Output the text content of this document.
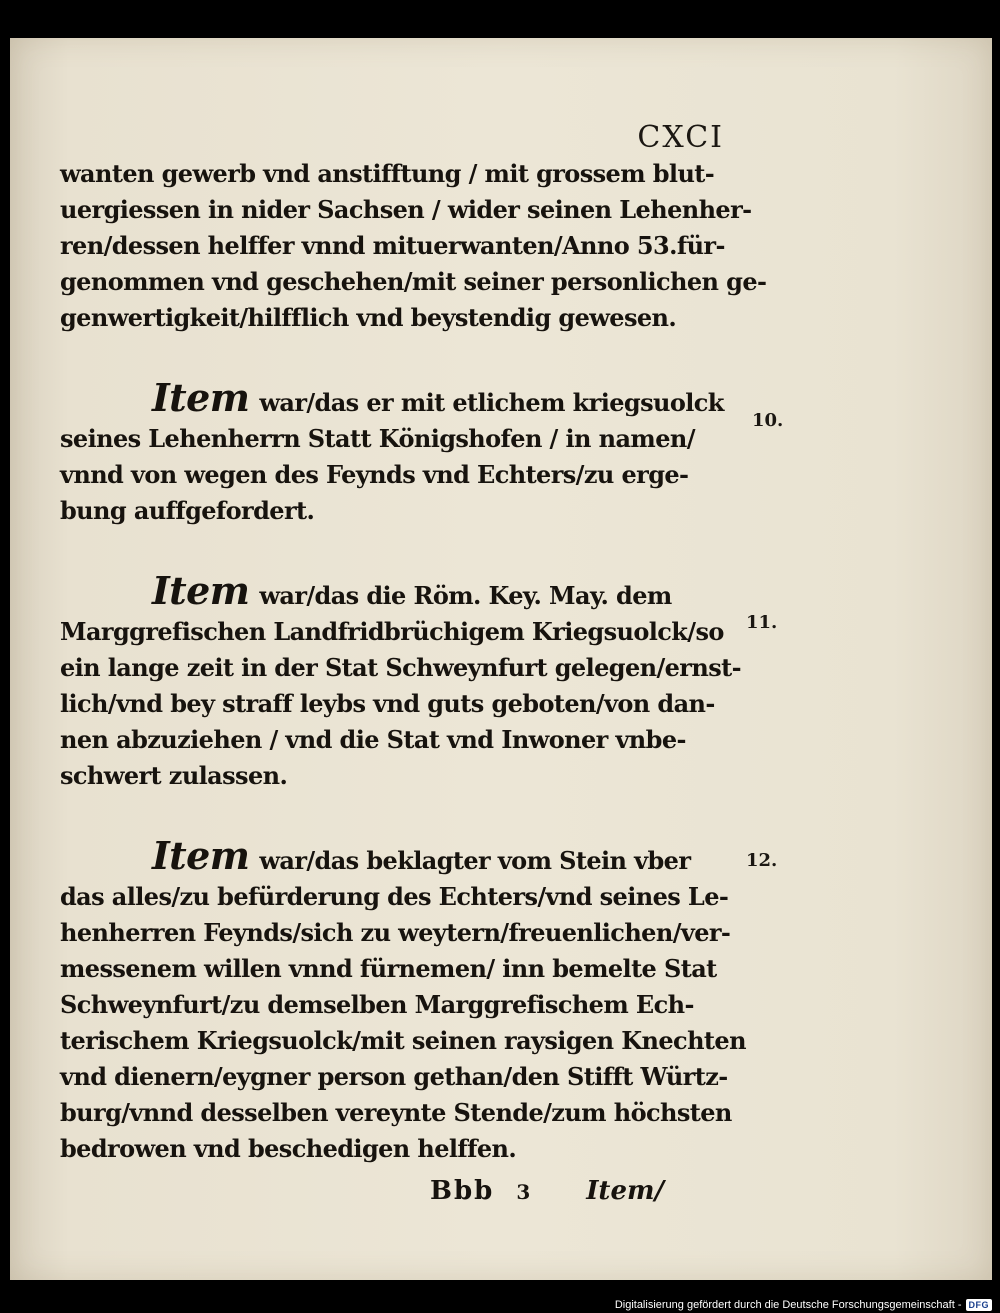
CXCI
wanten gewerb vnd anstifftung / mit grossem blut-
uergiessen in nider Sachsen / wider seinen Lehenher-
ren/dessen helffer vnnd mituerwanten/Anno 53.für-
genommen vnd geschehen/mit seiner personlichen ge-
genwertigkeit/hilfflich vnd beystendig gewesen.
Item war/das er mit etlichem kriegsuolck
seines Lehenherrn Statt Königshofen / in namen/
vnnd von wegen des Feynds vnd Echters/zu erge-
bung auffgefordert.
Item war/das die Röm. Key. May. dem
Marggrefischen Landfridbrüchigem Kriegsuolck/so
ein lange zeit in der Stat Schweynfurt gelegen/ernst-
lich/vnd bey straff leybs vnd guts geboten/von dan-
nen abzuziehen / vnd die Stat vnd Inwoner vnbe-
schwert zulassen.
Item war/das beklagter vom Stein vber
das alles/zu befürderung des Echters/vnd seines Le-
henherren Feynds/sich zu weytern/freuenlichen/ver-
messenem willen vnnd fürnemen/ inn bemelte Stat
Schweynfurt/zu demselben Marggrefischem Ech-
terischem Kriegsuolck/mit seinen raysigen Knechten
vnd dienern/eygner person gethan/den Stifft Würtz-
burg/vnnd desselben vereynte Stende/zum höchsten
bedrowen vnd beschedigen helffen.
10.
11.
12.
Bbb 3 Item/
Digitalisierung gefördert durch die Deutsche Forschungsgemeinschaft - DFG
